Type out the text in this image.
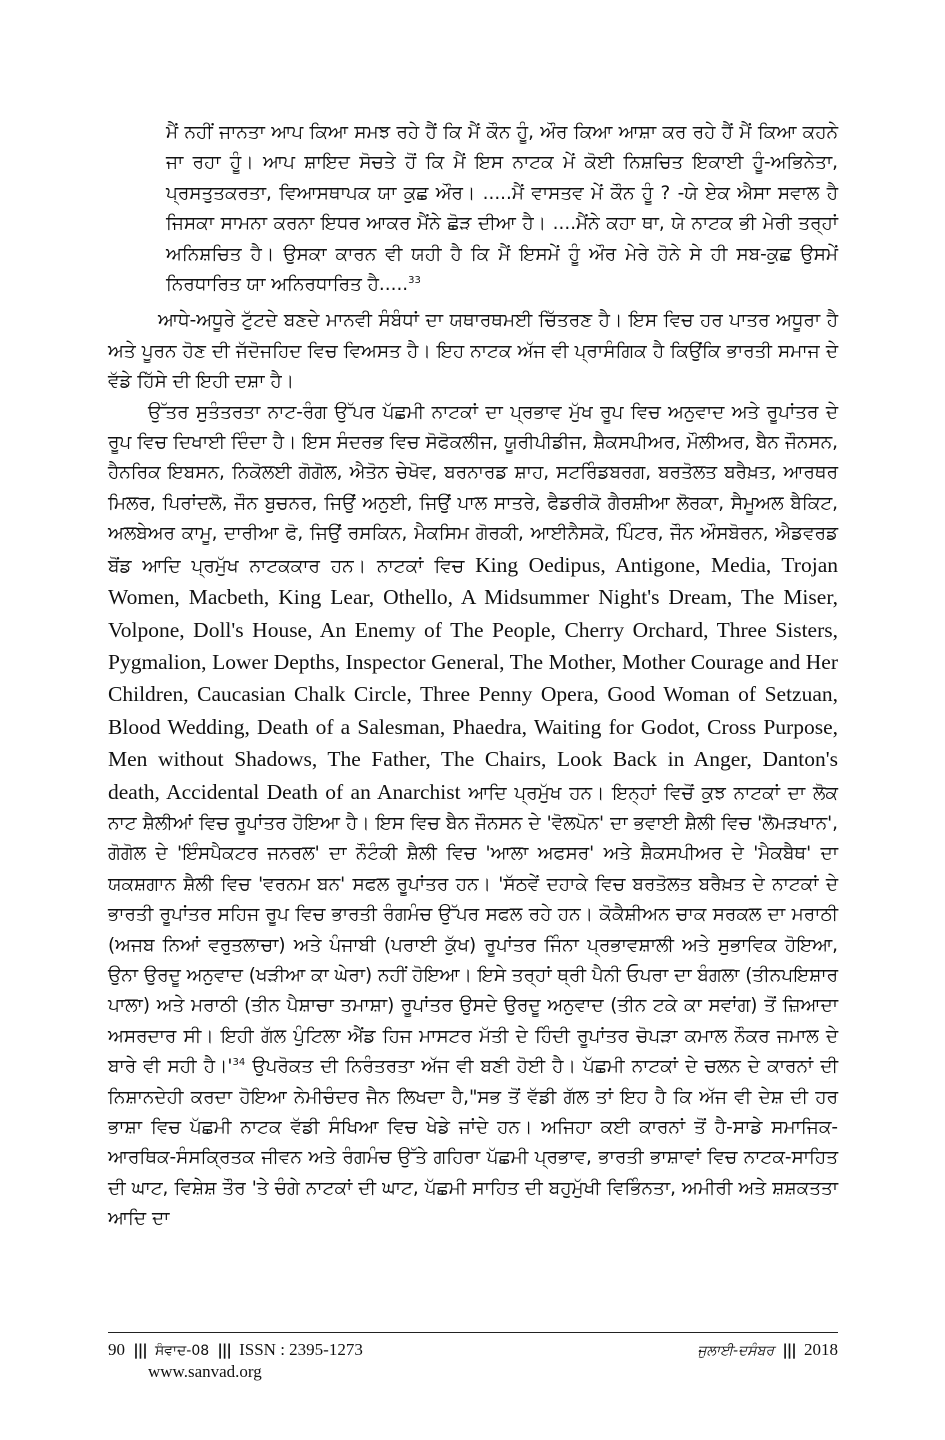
ਮੈਂ ਨਹੀਂ ਜਾਨਤਾ ਆਪ ਕਿਆ ਸਮਝ ਰਹੇ ਹੈਂ ਕਿ ਮੈਂ ਕੌਨ ਹੂੰ, ਔਰ ਕਿਆ ਆਸ਼ਾ ਕਰ ਰਹੇ ਹੈਂ ਮੈਂ ਕਿਆ ਕਹਨੇ ਜਾ ਰਹਾ ਹੂੰ। ਆਪ ਸ਼ਾਇਦ ਸੋਚਤੇ ਹੋਂ ਕਿ ਮੈਂ ਇਸ ਨਾਟਕ ਮੇਂ ਕੋਈ ਨਿਸ਼ਚਿਤ ਇਕਾਈ ਹੂੰ-ਅਭਿਨੇਤਾ, ਪ੍ਰਸਤੁਤਕਰਤਾ, ਵਿਆਸਥਾਪਕ ਯਾ ਕੁਛ ਔਰ। .....ਮੈਂ ਵਾਸਤਵ ਮੇਂ ਕੌਨ ਹੂੰ ? -ਯੇ ਏਕ ਐਸਾ ਸਵਾਲ ਹੈ ਜਿਸਕਾ ਸਾਮਨਾ ਕਰਨਾ ਇਧਰ ਆਕਰ ਮੈਂਨੇ ਛੋੜ ਦੀਆ ਹੈ। ....ਮੈਂਨੇ ਕਹਾ ਥਾ, ਯੇ ਨਾਟਕ ਭੀ ਮੇਰੀ ਤਰ੍ਹਾਂ ਅਨਿਸ਼ਚਿਤ ਹੈ। ਉਸਕਾ ਕਾਰਨ ਵੀ ਯਹੀ ਹੈ ਕਿ ਮੈਂ ਇਸਮੇਂ ਹੂੰ ਔਰ ਮੇਰੇ ਹੋਨੇ ਸੇ ਹੀ ਸਬ-ਕੁਛ ਉਸਮੇਂ ਨਿਰਧਾਰਿਤ ਯਾ ਅਨਿਰਧਾਰਿਤ ਹੈ.....$^{33}$

ਆਧੇ-ਅਧੂਰੇ ਟੁੱਟਦੇ ਬਣਦੇ ਮਾਨਵੀ ਸੰਬੰਧਾਂ ਦਾ ਯਥਾਰਥਮਈ ਚਿੱਤਰਣ ਹੈ। ਇਸ ਵਿਚ ਹਰ ਪਾਤਰ ਅਧੂਰਾ ਹੈ ਅਤੇ ਪੂਰਨ ਹੋਣ ਦੀ ਜੱਦੋਜਹਿਦ ਵਿਚ ਵਿਅਸਤ ਹੈ। ਇਹ ਨਾਟਕ ਅੱਜ ਵੀ ਪ੍ਰਾਸੰਗਿਕ ਹੈ ਕਿਉਂਕਿ ਭਾਰਤੀ ਸਮਾਜ ਦੇ ਵੱਡੇ ਹਿੱਸੇ ਦੀ ਇਹੀ ਦਸ਼ਾ ਹੈ।

ਉੱਤਰ ਸੁਤੰਤਰਤਾ ਨਾਟ-ਰੰਗ ਉੱਪਰ ਪੱਛਮੀ ਨਾਟਕਾਂ ਦਾ ਪ੍ਰਭਾਵ ਮੁੱਖ ਰੂਪ ਵਿਚ ਅਨੁਵਾਦ ਅਤੇ ਰੂਪਾਂਤਰ ਦੇ ਰੂਪ ਵਿਚ ਦਿਖਾਈ ਦਿੰਦਾ ਹੈ। ਇਸ ਸੰਦਰਭ ਵਿਚ ਸੋਫੋਕਲੀਜ, ਯੂਰੀਪੀਡੀਜ, ਸ਼ੈਕਸਪੀਅਰ, ਮੌਲੀਅਰ, ਬੈਨ ਜੌਨਸਨ, ਹੈਨਰਿਕ ਇਬਸਨ, ਨਿਕੋਲਈ ਗੋਗੋਲ, ਐਤੋਨ ਚੇਖੋਵ, ਬਰਨਾਰਡ ਸ਼ਾਹ, ਸਟਰਿੰਡਬਰਗ, ਬਰਤੋਲਤ ਬਰੈਖ਼ਤ, ਆਰਥਰ ਮਿਲਰ, ਪਿਰਾਂਦਲੋ, ਜੌਨ ਬੁਚਨਰ, ਜਿਉਂ ਅਨੁਈ, ਜਿਉਂ ਪਾਲ ਸਾਤਰੇ, ਫੈਡਰੀਕੋ ਗੈਰਸ਼ੀਆ ਲੋਰਕਾ, ਸੈਮੂਅਲ ਬੈਕਿਟ, ਅਲਬੇਅਰ ਕਾਮੂ, ਦਾਰੀਆ ਫੋ, ਜਿਉਂ ਰਸਕਿਨ, ਮੈਕਸਿਮ ਗੋਰਕੀ, ਆਈਨੈਸਕੋ, ਪਿੰਟਰ, ਜੌਨ ਔਸਬੋਰਨ, ਐਡਵਰਡ ਬੋਂਡ ਆਦਿ ਪ੍ਰਮੁੱਖ ਨਾਟਕਕਾਰ ਹਨ। ਨਾਟਕਾਂ ਵਿਚ King Oedipus, Antigone, Media, Trojan Women, Macbeth, King Lear, Othello, A Midsummer Night's Dream, The Miser, Volpone, Doll's House, An Enemy of The People, Cherry Orchard, Three Sisters, Pygmalion, Lower Depths, Inspector General, The Mother, Mother Courage and Her Children, Caucasian Chalk Circle, Three Penny Opera, Good Woman of Setzuan, Blood Wedding, Death of a Salesman, Phaedra, Waiting for Godot, Cross Purpose, Men without Shadows, The Father, The Chairs, Look Back in Anger, Danton's death, Accidental Death of an Anarchist ਆਦਿ ਪ੍ਰਮੁੱਖ ਹਨ। ਇਨ੍ਹਾਂ ਵਿਚੋਂ ਕੁਝ ਨਾਟਕਾਂ ਦਾ ਲੋਕ ਨਾਟ ਸ਼ੈਲੀਆਂ ਵਿਚ ਰੂਪਾਂਤਰ ਹੋਇਆ ਹੈ। ਇਸ ਵਿਚ ਬੈਨ ਜੌਨਸਨ ਦੇ 'ਵੋਲਪੋਨ' ਦਾ ਭਵਾਈ ਸ਼ੈਲੀ ਵਿਚ 'ਲੋਮੜਖਾਨ', ਗੋਗੋਲ ਦੇ 'ਇੰਸਪੈਕਟਰ ਜਨਰਲ' ਦਾ ਨੌਟੰਕੀ ਸ਼ੈਲੀ ਵਿਚ 'ਆਲਾ ਅਫਸਰ' ਅਤੇ ਸ਼ੈਕਸਪੀਅਰ ਦੇ 'ਮੈਕਬੈਥ' ਦਾ ਯਕਸ਼ਗਾਨ ਸ਼ੈਲੀ ਵਿਚ 'ਵਰਨਮ ਬਨ' ਸਫਲ ਰੂਪਾਂਤਰ ਹਨ। 'ਸੱਠਵੇਂ ਦਹਾਕੇ ਵਿਚ ਬਰਤੋਲਤ ਬਰੈਖ਼ਤ ਦੇ ਨਾਟਕਾਂ ਦੇ ਭਾਰਤੀ ਰੂਪਾਂਤਰ ਸਹਿਜ ਰੂਪ ਵਿਚ ਭਾਰਤੀ ਰੰਗਮੰਚ ਉੱਪਰ ਸਫਲ ਰਹੇ ਹਨ। ਕੋਕੈਸ਼ੀਅਨ ਚਾਕ ਸਰਕਲ ਦਾ ਮਰਾਠੀ (ਅਜਬ ਨਿਆਂ ਵਰੁਤਲਾਚਾ) ਅਤੇ ਪੰਜਾਬੀ (ਪਰਾਈ ਕੁੱਖ) ਰੂਪਾਂਤਰ ਜਿੰਨਾ ਪ੍ਰਭਾਵਸ਼ਾਲੀ ਅਤੇ ਸੁਭਾਵਿਕ ਹੋਇਆ, ਉਨਾ ਉਰਦੂ ਅਨੁਵਾਦ (ਖੜੀਆ ਕਾ ਘੇਰਾ) ਨਹੀਂ ਹੋਇਆ। ਇਸੇ ਤਰ੍ਹਾਂ ਥ੍ਰੀ ਪੈਨੀ ਓਪਰਾ ਦਾ ਬੰਗਲਾ (ਤੀਨਪਇਸ਼ਾਰ ਪਾਲਾ) ਅਤੇ ਮਰਾਠੀ (ਤੀਨ ਪੈਸ਼ਾਚਾ ਤਮਾਸ਼ਾ) ਰੂਪਾਂਤਰ ਉਸਦੇ ਉਰਦੂ ਅਨੁਵਾਦ (ਤੀਨ ਟਕੇ ਕਾ ਸਵਾਂਗ) ਤੋਂ ਜ਼ਿਆਦਾ ਅਸਰਦਾਰ ਸੀ। ਇਹੀ ਗੱਲ ਪੁੰਟਿਲਾ ਐਂਡ ਹਿਜ ਮਾਸਟਰ ਮੱਤੀ ਦੇ ਹਿੰਦੀ ਰੂਪਾਂਤਰ ਚੋਪੜਾ ਕਮਾਲ ਨੌਕਰ ਜਮਾਲ ਦੇ ਬਾਰੇ ਵੀ ਸਹੀ $ਹੈ।'^{34}$ ਉਪਰੋਕਤ ਦੀ ਨਿਰੰਤਰਤਾ ਅੱਜ ਵੀ ਬਣੀ ਹੋਈ ਹੈ। ਪੱਛਮੀ ਨਾਟਕਾਂ ਦੇ ਚਲਨ ਦੇ ਕਾਰਨਾਂ ਦੀ ਨਿਸ਼ਾਨਦੇਹੀ ਕਰਦਾ ਹੋਇਆ ਨੇਮੀਚੰਦਰ ਜੈਨ ਲਿਖਦਾ ਹੈ,"ਸਭ ਤੋਂ ਵੱਡੀ ਗੱਲ ਤਾਂ ਇਹ ਹੈ ਕਿ ਅੱਜ ਵੀ ਦੇਸ਼ ਦੀ ਹਰ ਭਾਸ਼ਾ ਵਿਚ ਪੱਛਮੀ ਨਾਟਕ ਵੱਡੀ ਸੰਖਿਆ ਵਿਚ ਖੇਡੇ ਜਾਂਦੇ ਹਨ। ਅਜਿਹਾ ਕਈ ਕਾਰਨਾਂ ਤੋਂ ਹੈ-ਸਾਡੇ ਸਮਾਜਿਕ-ਆਰਥਿਕ-ਸੰਸਕ੍ਰਿਤਕ ਜੀਵਨ ਅਤੇ ਰੰਗਮੰਚ ਉੱਤੇ ਗਹਿਰਾ ਪੱਛਮੀ ਪ੍ਰਭਾਵ, ਭਾਰਤੀ ਭਾਸ਼ਾਵਾਂ ਵਿਚ ਨਾਟਕ-ਸਾਹਿਤ ਦੀ ਘਾਟ, ਵਿਸ਼ੇਸ਼ ਤੌਰ 'ਤੇ ਚੰਗੇ ਨਾਟਕਾਂ ਦੀ ਘਾਟ, ਪੱਛਮੀ ਸਾਹਿਤ ਦੀ ਬਹੁਮੁੱਖੀ ਵਿਭਿੰਨਤਾ, ਅਮੀਰੀ ਅਤੇ ਸ਼ਸ਼ਕਤਤਾ ਆਦਿ ਦਾ

90 ||| ਸੰਵਾਦ-08 ||| ISSN : 2395-1273	ਜੁਲਾਈ-ਦਸੰਬਰ ||| 2018
www.sanvad.org
